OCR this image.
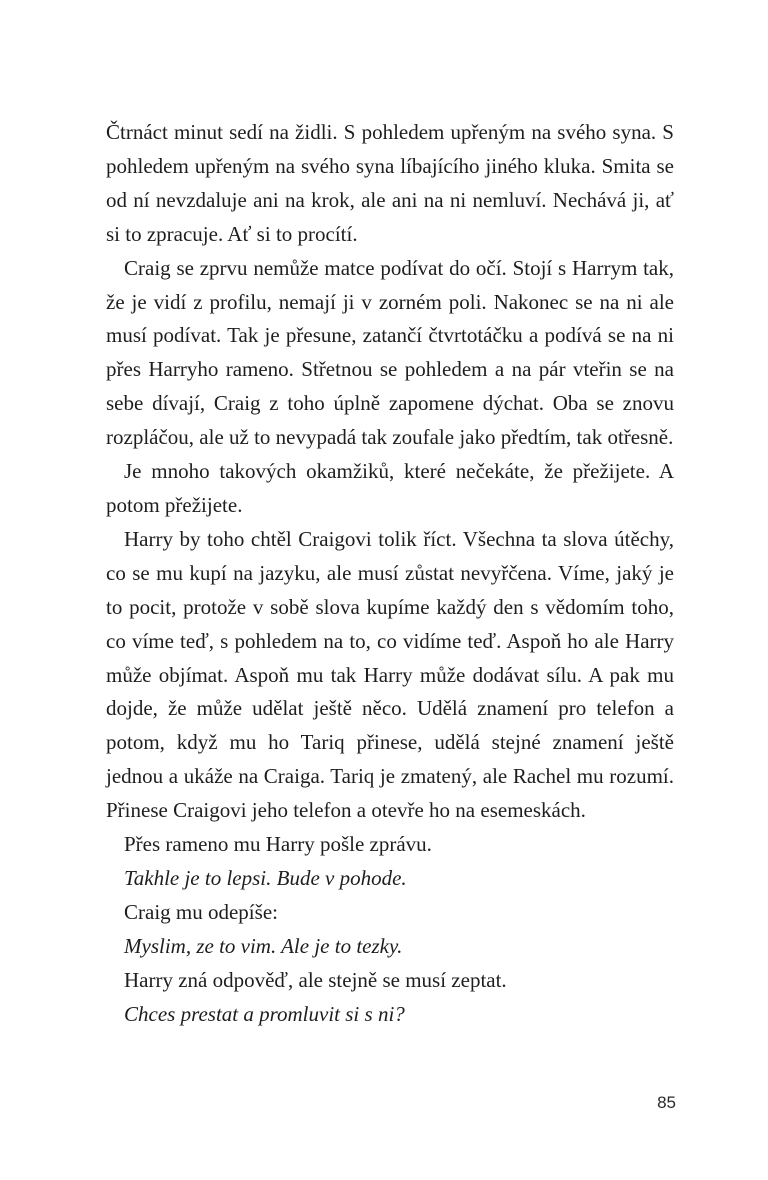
Čtrnáct minut sedí na židli. S pohledem upřeným na svého syna. S pohledem upřeným na svého syna líbajícího jiného kluka. Smita se od ní nevzdaluje ani na krok, ale ani na ni nemluví. Nechává ji, ať si to zpracuje. Ať si to procítí.

Craig se zprvu nemůže matce podívat do očí. Stojí s Harrym tak, že je vidí z profilu, nemají ji v zorném poli. Nakonec se na ni ale musí podívat. Tak je přesune, zatančí čtvrtotáčku a podívá se na ni přes Harryho rameno. Střetnou se pohledem a na pár vteřin se na sebe dívají, Craig z toho úplně zapomene dýchat. Oba se znovu rozpláčou, ale už to nevypadá tak zoufale jako předtím, tak otřesně.

Je mnoho takových okamžiků, které nečekáte, že přežijete. A potom přežijete.

Harry by toho chtěl Craigovi tolik říct. Všechna ta slova útěchy, co se mu kupí na jazyku, ale musí zůstat nevyřčena. Víme, jaký je to pocit, protože v sobě slova kupíme každý den s vědomím toho, co víme teď, s pohledem na to, co vidíme teď. Aspoň ho ale Harry může objímat. Aspoň mu tak Harry může dodávat sílu. A pak mu dojde, že může udělat ještě něco. Udělá znamení pro telefon a potom, když mu ho Tariq přinese, udělá stejné znamení ještě jednou a ukáže na Craiga. Tariq je zmatený, ale Rachel mu rozumí. Přinese Craigovi jeho telefon a otevře ho na esemeskách.

Přes rameno mu Harry pošle zprávu.

Takhle je to lepsi. Bude v pohode.

Craig mu odepíše:

Myslim, ze to vim. Ale je to tezky.

Harry zná odpověď, ale stejně se musí zeptat.

Chces prestat a promluvit si s ni?

85
